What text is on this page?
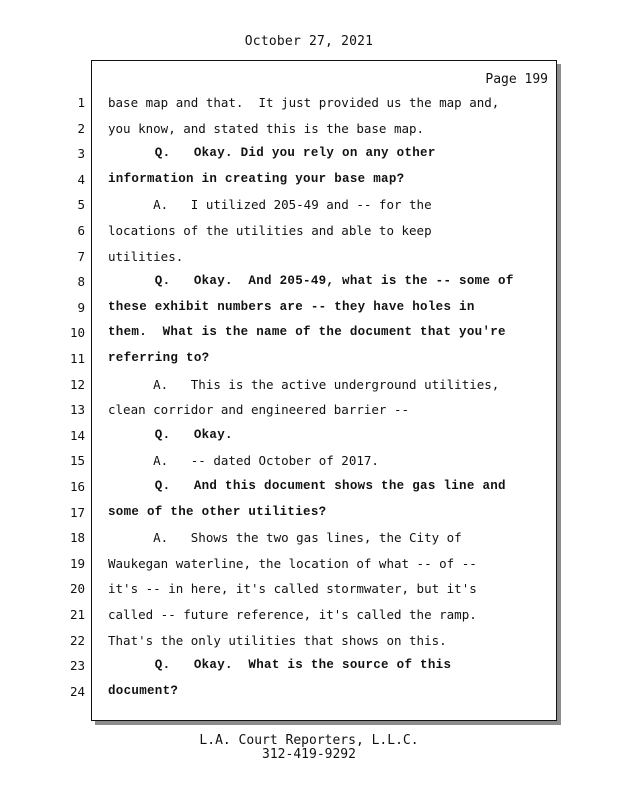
October 27, 2021
Page 199
1 base map and that.  It just provided us the map and,
2 you know, and stated this is the base map.
3 Q.   Okay. Did you rely on any other
4 information in creating your base map?
5 A.   I utilized 205-49 and -- for the
6 locations of the utilities and able to keep
7 utilities.
8 Q.   Okay.  And 205-49, what is the -- some of
9 these exhibit numbers are -- they have holes in
10 them.  What is the name of the document that you're
11 referring to?
12 A.   This is the active underground utilities,
13 clean corridor and engineered barrier --
14 Q.   Okay.
15 A.   -- dated October of 2017.
16 Q.   And this document shows the gas line and
17 some of the other utilities?
18 A.   Shows the two gas lines, the City of
19 Waukegan waterline, the location of what -- of --
20 it's -- in here, it's called stormwater, but it's
21 called -- future reference, it's called the ramp.
22 That's the only utilities that shows on this.
23 Q.   Okay.  What is the source of this
24 document?
L.A. Court Reporters, L.L.C.
312-419-9292
